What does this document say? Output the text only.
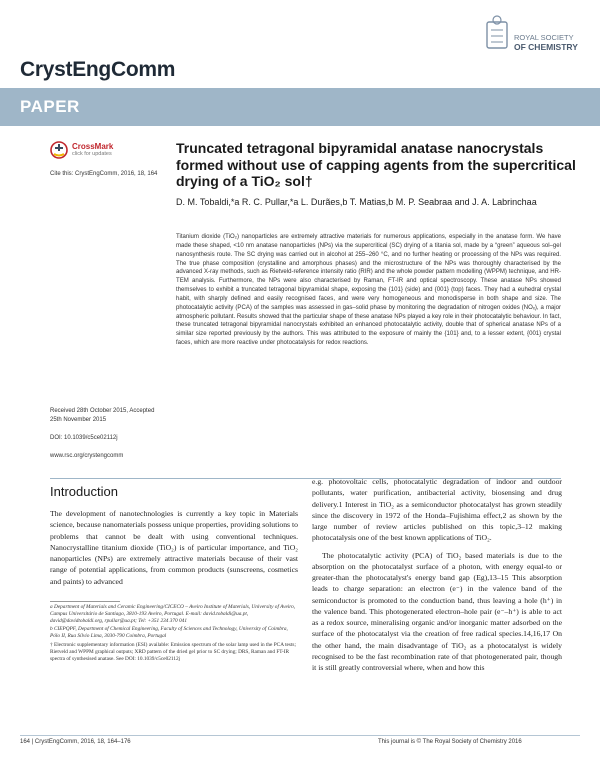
CrystEngComm
ROYAL SOCIETY
OF CHEMISTRY
PAPER
CrossMark
click for updates
Cite this: CrystEngComm, 2016, 18, 164
Truncated tetragonal bipyramidal anatase nanocrystals formed without use of capping agents from the supercritical drying of a TiO₂ sol†
D. M. Tobaldi,*a R. C. Pullar,*a L. Durães,b T. Matias,b M. P. Seabraa and J. A. Labrinchaa
Titanium dioxide (TiO₂) nanoparticles are extremely attractive materials for numerous applications, especially in the anatase form. We have made these shaped, <10 nm anatase nanoparticles (NPs) via the supercritical (SC) drying of a titania sol, made by a “green” aqueous sol–gel nanosynthesis route. The SC drying was carried out in alcohol at 255–260 °C, and no further heating or processing of the NPs was required. The true phase composition (crystalline and amorphous phases) and the microstructure of the NPs was thoroughly characterised by the advanced X-ray methods, such as Rietveld-reference intensity ratio (RIR) and the whole powder pattern modelling (WPPM) technique, and HR-TEM analysis. Furthermore, the NPs were also characterised by Raman, FT-IR and optical spectroscopy. These anatase NPs showed themselves to exhibit a truncated tetragonal bipyramidal shape, exposing the {101} (side) and {001} (top) faces. They had a euhedral crystal habit, with sharply defined and easily recognised faces, and were very homogeneous and monodisperse in both shape and size. The photocatalytic activity (PCA) of the samples was assessed in gas–solid phase by monitoring the degradation of nitrogen oxides (NOₓ), a major atmospheric pollutant. Results showed that the particular shape of these anatase NPs played a key role in their photocatalytic behaviour. In fact, these truncated tetragonal bipyramidal nanocrystals exhibited an enhanced photocatalytic activity, double that of spherical anatase NPs of a similar size reported previously by the authors. This was attributed to the exposure of mainly the {101} and, to a lesser extent, {001} crystal faces, which are more reactive under photocatalysis for redox reactions.
Received 28th October 2015, Accepted 25th November 2015
DOI: 10.1039/c5ce02112j
www.rsc.org/crystengcomm
Introduction
The development of nanotechnologies is currently a key topic in Materials science, because nanomaterials possess unique properties, providing solutions to problems that cannot be dealt with using conventional techniques. Nanocrystalline titanium dioxide (TiO₂) is of particular importance, and TiO₂ nanoparticles (NPs) are extremely attractive materials because of their vast range of potential applications, from common products (sunscreens, cosmetics and paints) to advanced

e.g. photovoltaic cells, photocatalytic degradation of indoor and outdoor pollutants, water purification, antibacterial activity, biosensing and drug delivery.1 Interest in TiO₂ as a semiconductor photocatalyst has grown steadily since the discovery in 1972 of the Honda–Fujishima effect,2 as shown by the large number of review articles published on this topic,3–12 making photocatalysis one of the best known applications of TiO₂.

The photocatalytic activity (PCA) of TiO₂ based materials is due to the absorption on the photocatalyst surface of a photon, with energy equal-to or greater-than the photocatalyst's energy band gap (Eg),13–15 This absorption leads to charge separation: an electron (e⁻) in the valence band of the semiconductor is promoted to the conduction band, thus leaving a hole (h⁺) in the valence band. This photogenerated electron–hole pair (e⁻–h⁺) is able to act as a redox source, mineralising organic and/or inorganic matter adsorbed on the surface of the photocatalyst via the creation of free radical species.14,16,17 On the other hand, the main disadvantage of TiO₂ as a photocatalyst is widely recognised to be the fast recombination rate of that photogenerated pair, though it is still greatly controversial where, when and how this

a Department of Materials and Ceramic Engineering/CICECO – Aveiro Institute of Materials, University of Aveiro, Campus Universitário de Santiago, 3810-193 Aveiro, Portugal. E-mail: david.tobaldi@ua.pt, david@davidtobaldi.org, rpullar@ua.pt; Tel: +351 234 370 041

b CIEPQPF, Department of Chemical Engineering, Faculty of Sciences and Technology, University of Coimbra, Pólo II, Rua Sílvio Lima, 3030-790 Coimbra, Portugal

† Electronic supplementary information (ESI) available: Emission spectrum of the solar lamp used in the PCA tests; Rietveld and WPPM graphical outputs; XRD pattern of the dried gel prior to SC drying; DRS, Raman and FT-IR spectra of synthesised anatase. See DOI: 10.1039/c5ce02112j

164 | CrystEngComm, 2016, 18, 164–176	This journal is © The Royal Society of Chemistry 2016
